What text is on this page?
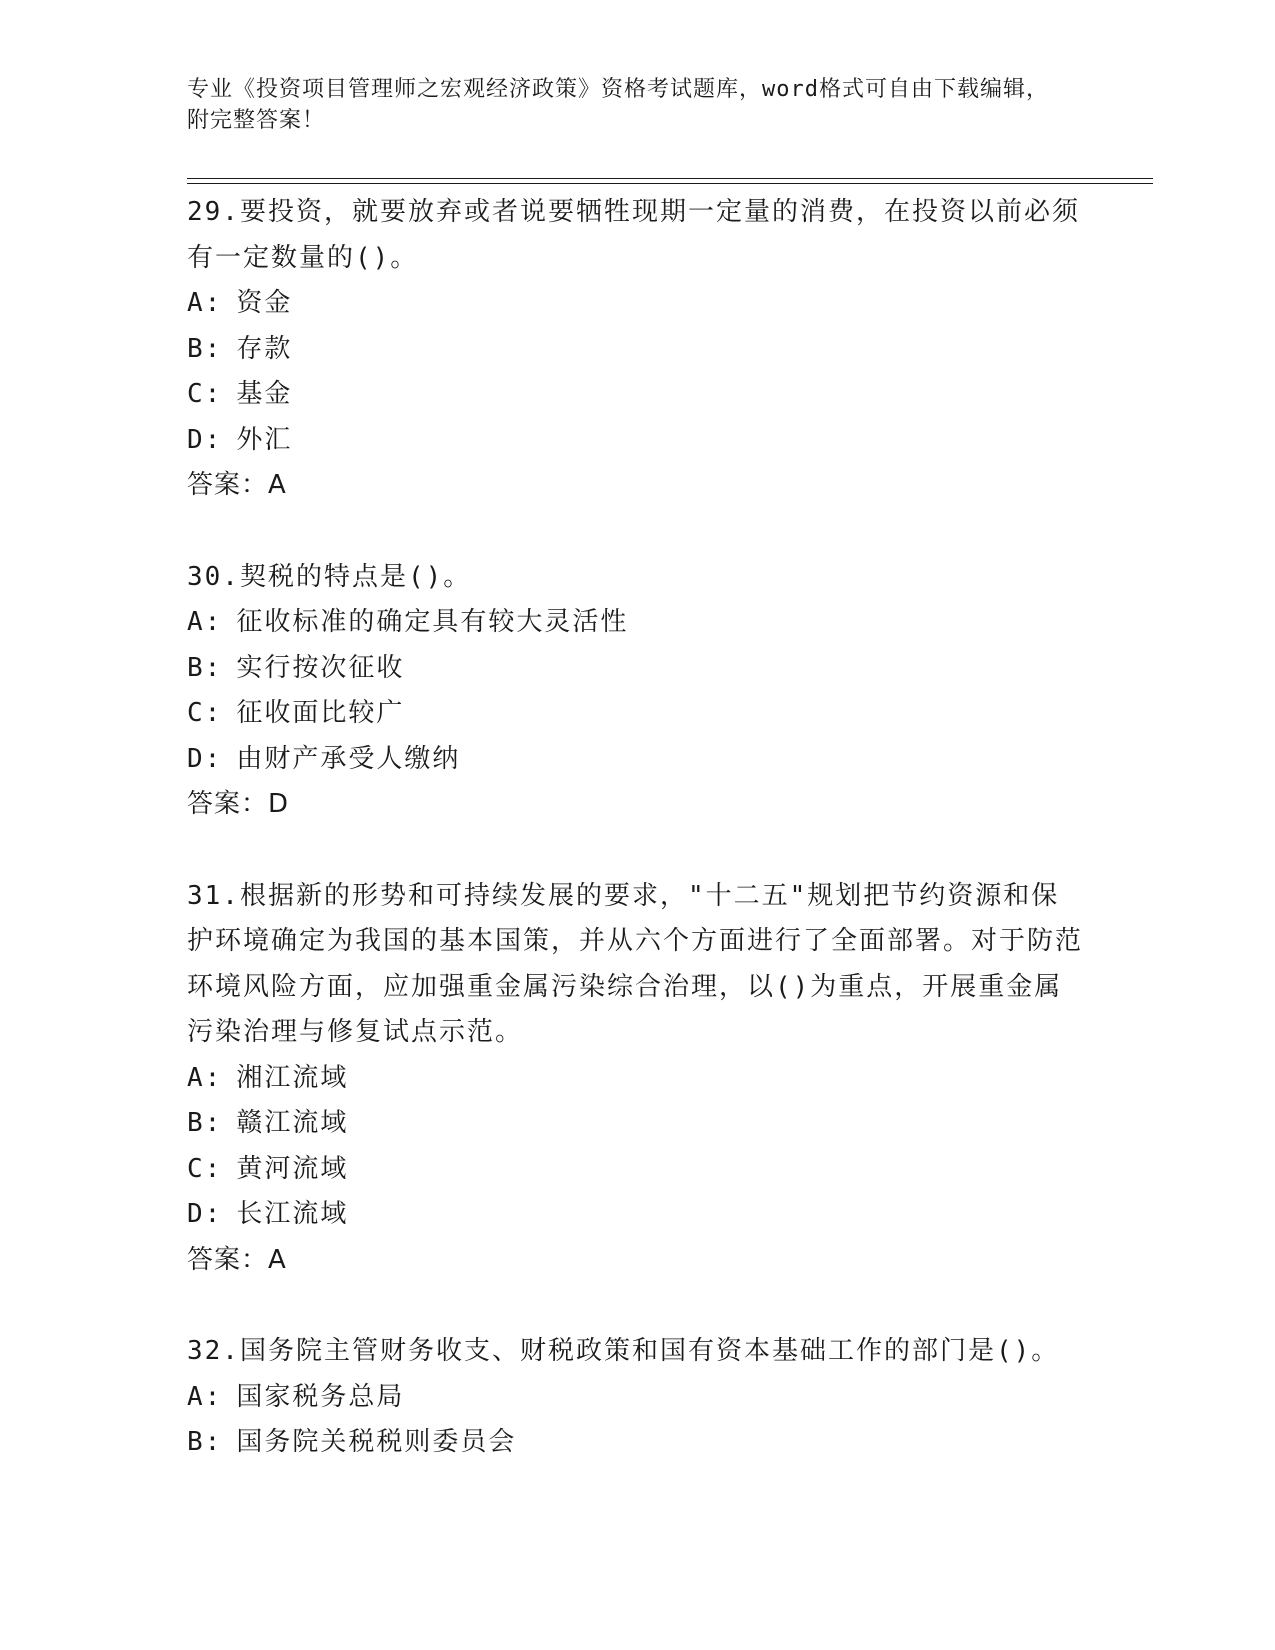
专业《投资项目管理师之宏观经济政策》资格考试题库，word格式可自由下载编辑，附完整答案！
29.要投资，就要放弃或者说要牺牲现期一定量的消费，在投资以前必须有一定数量的()。
A: 资金
B: 存款
C: 基金
D: 外汇
答案：A
30.契税的特点是()。
A: 征收标准的确定具有较大灵活性
B: 实行按次征收
C: 征收面比较广
D: 由财产承受人缴纳
答案：D
31.根据新的形势和可持续发展的要求，"十二五"规划把节约资源和保护环境确定为我国的基本国策，并从六个方面进行了全面部署。对于防范环境风险方面，应加强重金属污染综合治理，以()为重点，开展重金属污染治理与修复试点示范。
A: 湘江流域
B: 赣江流域
C: 黄河流域
D: 长江流域
答案：A
32.国务院主管财务收支、财税政策和国有资本基础工作的部门是()。
A: 国家税务总局
B: 国务院关税税则委员会
